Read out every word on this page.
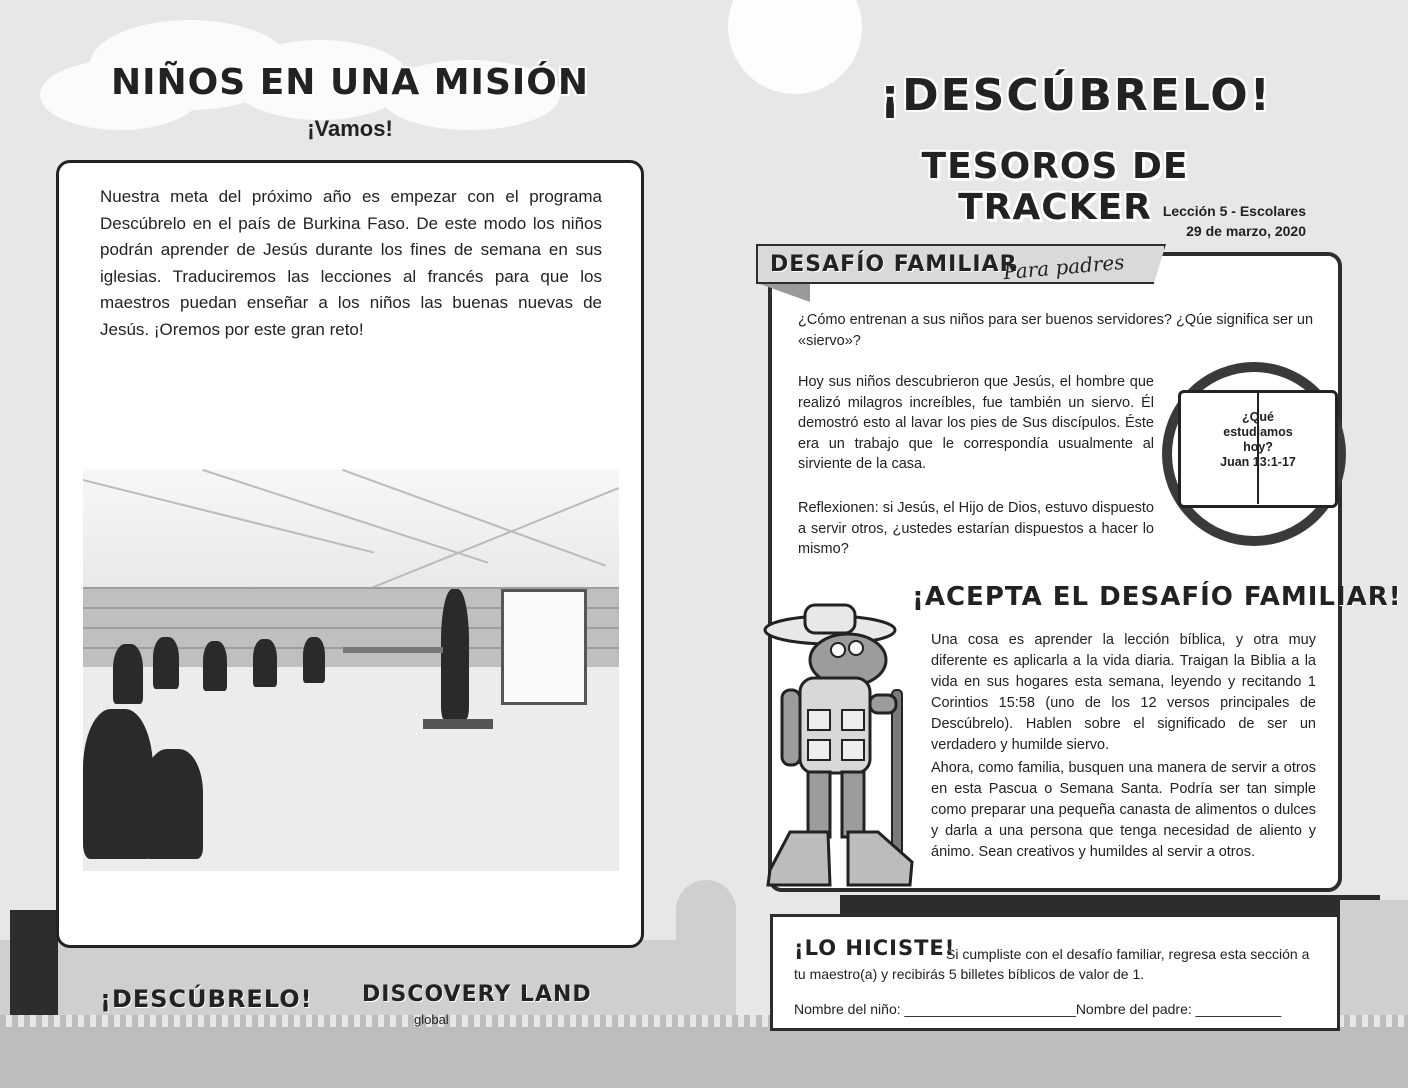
NIÑOS EN UNA MISIÓN
¡Vamos!
Nuestra meta del próximo año es empezar con el programa Descúbrelo en el país de Burkina Faso. De este modo los niños podrán aprender de Jesús durante los fines de semana en sus iglesias. Traduciremos las lecciones al francés para que los maestros puedan enseñar a los niños las buenas nuevas de Jesús. ¡Oremos por este gran reto!
¡DESCÚBRELO! DISCOVERY LAND
global
¡DESCÚBRELO!
TESOROS DE TRACKER Lección 5 - Escolares
29 de marzo, 2020
DESAFÍO FAMILIAR
Para padres
¿Cómo entrenan a sus niños para ser buenos servidores? ¿Qúe significa ser un «siervo»?
Hoy sus niños descubrieron que Jesús, el hombre que realizó milagros increíbles, fue también un siervo. Él demostró esto al lavar los pies de Sus discípulos. Éste era un trabajo que le correspondía usualmente al sirviente de la casa.
Reflexionen: si Jesús, el Hijo de Dios, estuvo dispuesto a servir otros, ¿ustedes estarían dispuestos a hacer lo mismo?
¿Qué
estudiamos
hoy?
Juan 13:1-17
¡ACEPTA EL DESAFÍO FAMILIAR!
Una cosa es aprender la lección bíblica, y otra muy diferente es aplicarla a la vida diaria. Traigan la Biblia a la vida en sus hogares esta semana, leyendo y recitando 1 Corintios 15:58 (uno de los 12 versos principales de Descúbrelo). Hablen sobre el significado de ser un verdadero y humilde siervo.
Ahora, como familia, busquen una manera de servir a otros en esta Pascua o Semana Santa. Podría ser tan simple como preparar una pequeña canasta de alimentos o dulces y darla a una persona que tenga necesidad de aliento y ánimo. Sean creativos y humildes al servir a otros.
¡LO HICISTE!
Si cumpliste con el desafío familiar, regresa esta sección a tu maestro(a) y recibirás 5 billetes bíblicos de valor de 1.
Nombre del niño: ______________________Nombre del padre: ___________
